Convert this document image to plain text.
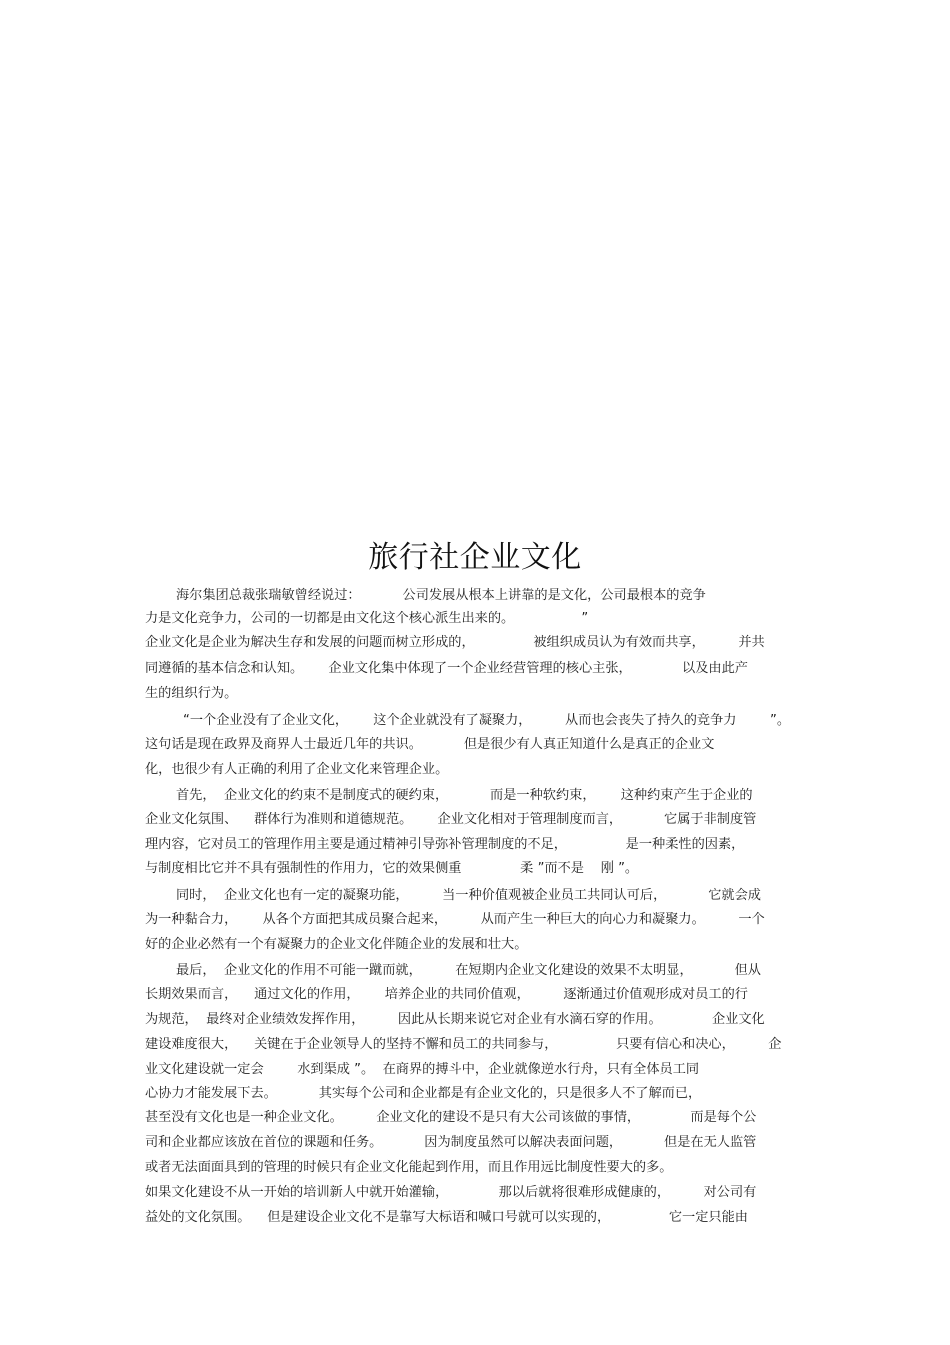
旅行社企业文化
海尔集团总裁张瑞敏曾经说过：          公司发展从根本上讲靠的是文化，公司最根本的竞争
力是文化竞争力，公司的一切都是由文化这个核心派生出来的。                ”
企业文化是企业为解决生存和发展的问题而树立形成的，              被组织成员认为有效而共享，        并共
同遵循的基本信念和认知。      企业文化集中体现了一个企业经营管理的核心主张，            以及由此产
生的组织行为。
“一个企业没有了企业文化，      这个企业就没有了凝聚力，        从而也会丧失了持久的竞争力        ”。
这句话是现在政界及商界人士最近几年的共识。          但是很少有人真正知道什么是真正的企业文
化，也很少有人正确的利用了企业文化来管理企业。
首先，  企业文化的约束不是制度式的硬约束，          而是一种软约束，      这种约束产生于企业的
企业文化氛围、    群体行为准则和道德规范。      企业文化相对于管理制度而言，          它属于非制度管
理内容，它对员工的管理作用主要是通过精神引导弥补管理制度的不足，              是一种柔性的因素，
与制度相比它并不具有强制性的作用力，它的效果侧重              柔 ”而不是    刚 ”。
同时，  企业文化也有一定的凝聚功能，        当一种价值观被企业员工共同认可后，          它就会成
为一种黏合力，      从各个方面把其成员聚合起来，        从而产生一种巨大的向心力和凝聚力。        一个
好的企业必然有一个有凝聚力的企业文化伴随企业的发展和壮大。
最后，  企业文化的作用不可能一蹴而就，        在短期内企业文化建设的效果不太明显，          但从
长期效果而言，    通过文化的作用，      培养企业的共同价值观，        逐渐通过价值观形成对员工的行
为规范，  最终对企业绩效发挥作用，        因此从长期来说它对企业有水滴石穿的作用。            企业文化
建设难度很大，    关键在于企业领导人的坚持不懈和员工的共同参与，              只要有信心和决心，        企
业文化建设就一定会        水到渠成 ”。  在商界的搏斗中，企业就像逆水行舟，只有全体员工同
心协力才能发展下去。          其实每个公司和企业都是有企业文化的，只是很多人不了解而已，
甚至没有文化也是一种企业文化。        企业文化的建设不是只有大公司该做的事情，            而是每个公
司和企业都应该放在首位的课题和任务。          因为制度虽然可以解决表面问题，          但是在无人监管
或者无法面面具到的管理的时候只有企业文化能起到作用，而且作用远比制度性要大的多。
如果文化建设不从一开始的培训新人中就开始灌输，            那以后就将很难形成健康的，        对公司有
益处的文化氛围。    但是建设企业文化不是靠写大标语和喊口号就可以实现的，              它一定只能由
